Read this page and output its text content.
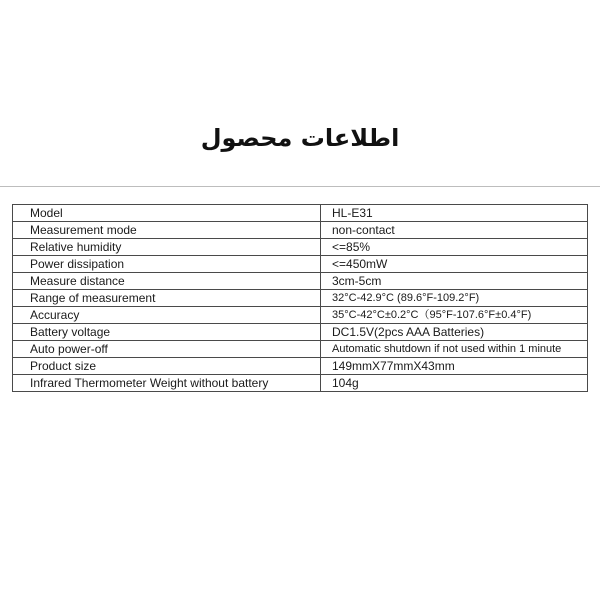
اطلاعات محصول
Model	HL-E31
Measurement mode	non-contact
Relative humidity	<=85%
Power dissipation	<=450mW
Measure distance	3cm-5cm
Range of measurement	32°C-42.9°C (89.6°F-109.2°F)
Accuracy	35°C-42°C±0.2°C（95°F-107.6°F±0.4°F)
Battery voltage	DC1.5V(2pcs AAA Batteries)
Auto power-off	Automatic shutdown if not used within 1 minute
Product size	149mmX77mmX43mm
Infrared Thermometer Weight without battery	104g
